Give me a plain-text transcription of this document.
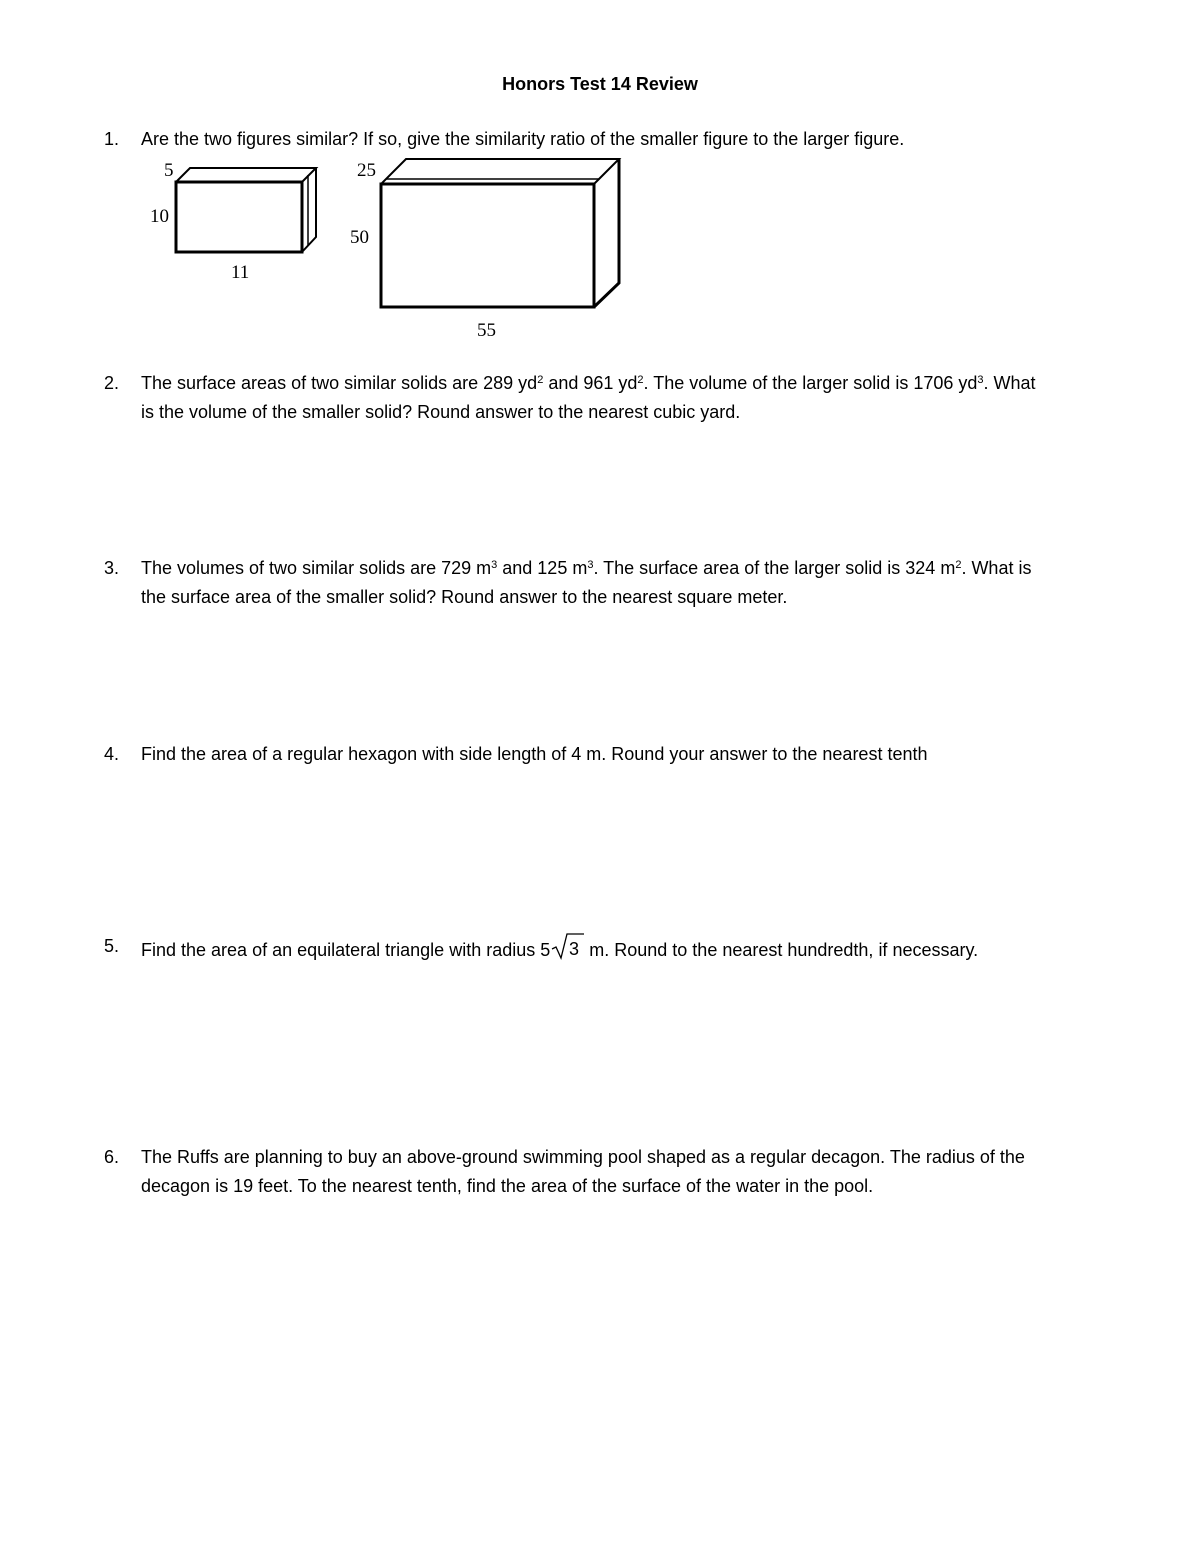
Honors Test 14 Review
1.	Are the two figures similar? If so, give the similarity ratio of the smaller figure to the larger figure.
5
10
11
25
50
55
2.	The surface areas of two similar solids are 289 $yd^2$ and 961 $yd^2$. The volume of the larger solid is 1706 $yd^3$. What
is the volume of the smaller solid? Round answer to the nearest cubic yard.
3.	The volumes of two similar solids are 729 $m^3$ and 125 $m^3$. The surface area of the larger solid is 324 $m^2$. What is
the surface area of the smaller solid? Round answer to the nearest square meter.
4.	Find the area of a regular hexagon with side length of 4 m. Round your answer to the nearest tenth
5.	Find the area of an equilateral triangle with radius 5 3 m. Round to the nearest hundredth, if necessary.
6.	The Ruffs are planning to buy an above-ground swimming pool shaped as a regular decagon. The radius of the
decagon is 19 feet. To the nearest tenth, find the area of the surface of the water in the pool.
